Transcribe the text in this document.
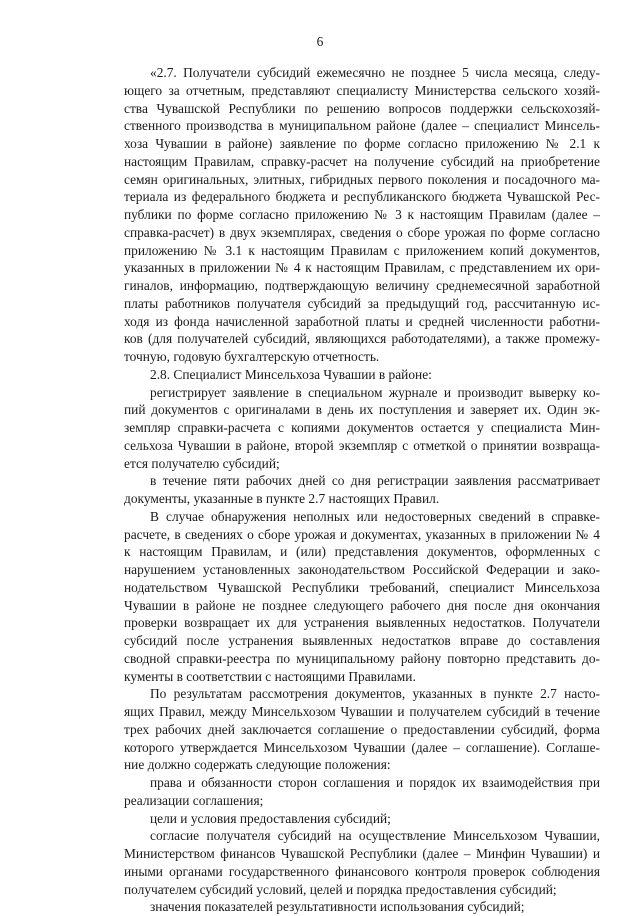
6
«2.7. Получатели субсидий ежемесячно не позднее 5 числа месяца, следу-
ющего за отчетным, представляют специалисту Министерства сельского хозяй-
ства Чувашской Республики по решению вопросов поддержки сельскохозяй-
ственного производства в муниципальном районе (далее – специалист Минсель-
хоза Чувашии в районе) заявление по форме согласно приложению № 2.1 к
настоящим Правилам, справку-расчет на получение субсидий на приобретение
семян оригинальных, элитных, гибридных первого поколения и посадочного ма-
териала из федерального бюджета и республиканского бюджета Чувашской Рес-
публики по форме согласно приложению № 3 к настоящим Правилам (далее –
справка-расчет) в двух экземплярах, сведения о сборе урожая по форме согласно
приложению № 3.1 к настоящим Правилам с приложением копий документов,
указанных в приложении № 4 к настоящим Правилам, с представлением их ори-
гиналов, информацию, подтверждающую величину среднемесячной заработной
платы работников получателя субсидий за предыдущий год, рассчитанную ис-
ходя из фонда начисленной заработной платы и средней численности работни-
ков (для получателей субсидий, являющихся работодателями), а также промежу-
точную, годовую бухгалтерскую отчетность.
2.8. Специалист Минсельхоза Чувашии в районе:
регистрирует заявление в специальном журнале и производит выверку ко-
пий документов с оригиналами в день их поступления и заверяет их. Один эк-
земпляр справки-расчета с копиями документов остается у специалиста Мин-
сельхоза Чувашии в районе, второй экземпляр с отметкой о принятии возвраща-
ется получателю субсидий;
в течение пяти рабочих дней со дня регистрации заявления рассматривает
документы, указанные в пункте 2.7 настоящих Правил.
В случае обнаружения неполных или недостоверных сведений в справке-
расчете, в сведениях о сборе урожая и документах, указанных в приложении № 4
к настоящим Правилам, и (или) представления документов, оформленных с
нарушением установленных законодательством Российской Федерации и зако-
нодательством Чувашской Республики требований, специалист Минсельхоза
Чувашии в районе не позднее следующего рабочего дня после дня окончания
проверки возвращает их для устранения выявленных недостатков. Получатели
субсидий после устранения выявленных недостатков вправе до составления
сводной справки-реестра по муниципальному району повторно представить до-
кументы в соответствии с настоящими Правилами.
По результатам рассмотрения документов, указанных в пункте 2.7 насто-
ящих Правил, между Минсельхозом Чувашии и получателем субсидий в течение
трех рабочих дней заключается соглашение о предоставлении субсидий, форма
которого утверждается Минсельхозом Чувашии (далее – соглашение). Соглаше-
ние должно содержать следующие положения:
права и обязанности сторон соглашения и порядок их взаимодействия при
реализации соглашения;
цели и условия предоставления субсидий;
согласие получателя субсидий на осуществление Минсельхозом Чувашии,
Министерством финансов Чувашской Республики (далее – Минфин Чувашии) и
иными органами государственного финансового контроля проверок соблюдения
получателем субсидий условий, целей и порядка предоставления субсидий;
значения показателей результативности использования субсидий;
